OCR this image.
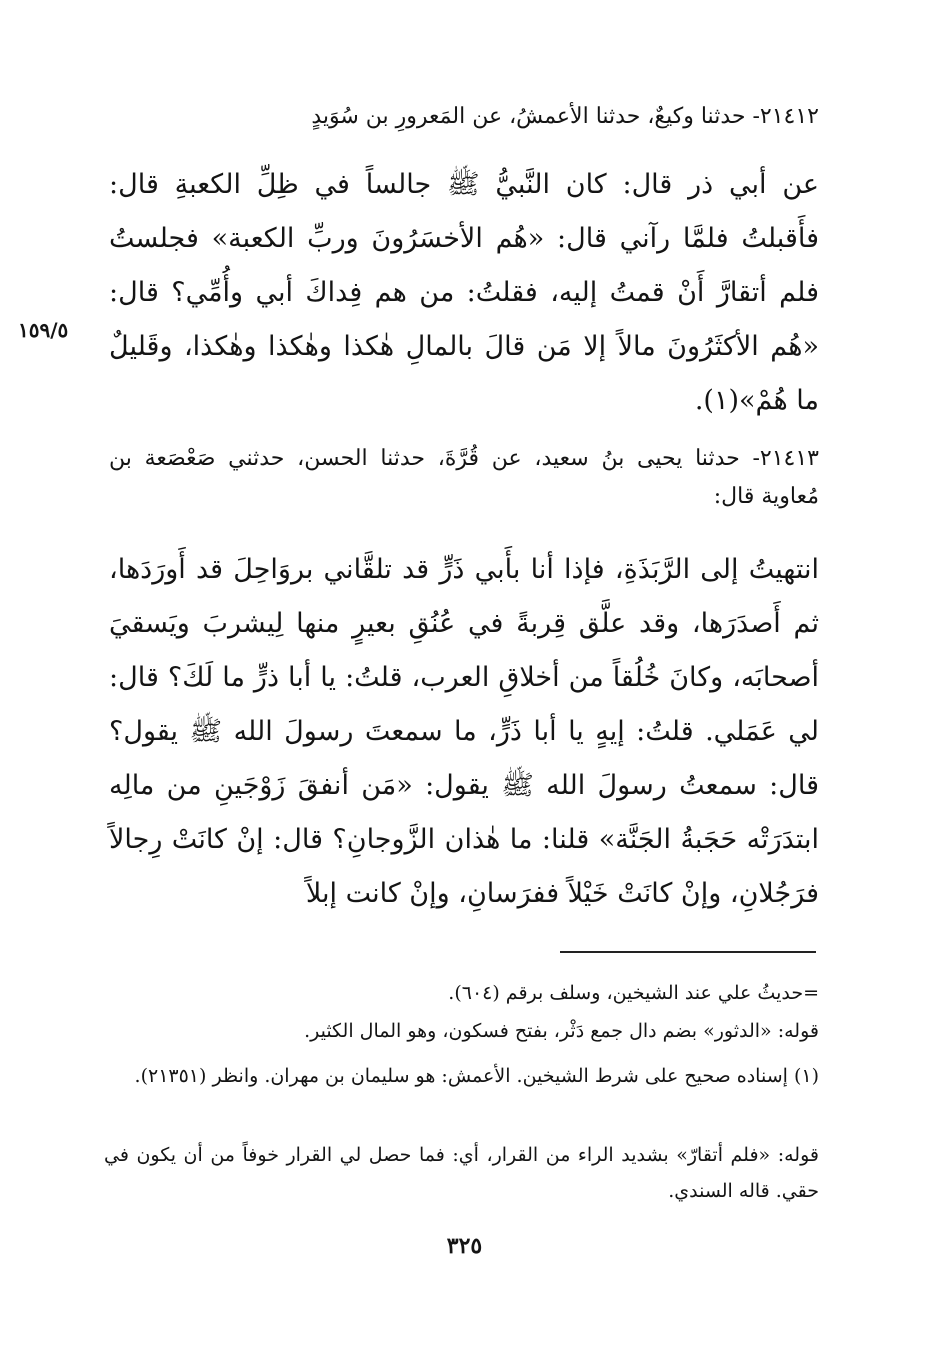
٢١٤١٢- حدثنا وكيعٌ، حدثنا الأعمشُ، عن المَعرورِ بن سُوَيدٍ

عن أبي ذر قال: كان النَّبيُّ ﷺ جالساً في ظِلِّ الكعبةِ قال: فأَقبلتُ فلمَّا رآني قال: «هُم الأخسَرُونَ وربِّ الكعبة» فجلستُ فلم أتقارَّ أَنْ قمتُ إليه، فقلتُ: من هم فِداكَ أبي وأُمِّي؟ قال: «هُم الأكثَرُونَ مالاً إلا مَن قالَ بالمالِ هٰكذا وهٰكذا وهٰكذا، وقَليلٌ ما هُمْ»(١).

١٥٩/٥

٢١٤١٣- حدثنا يحيى بنُ سعيد، عن قُرَّةَ، حدثنا الحسن، حدثني صَعْصَعة بن مُعاوية قال:

انتهيتُ إلى الرَّبَذَةِ، فإذا أنا بأَبي ذَرٍّ قد تلقَّاني بروَاحِلَ قد أَورَدَها، ثم أَصدَرَها، وقد علَّق قِربةً في عُنُقِ بعيرٍ منها لِيشربَ ويَسقيَ أصحابَه، وكانَ خُلُقاً من أخلاقِ العرب، قلتُ: يا أبا ذرٍّ ما لَكَ؟ قال: لي عَمَلي. قلتُ: إيهٍ يا أبا ذَرٍّ، ما سمعتَ رسولَ الله ﷺ يقول؟ قال: سمعتُ رسولَ الله ﷺ يقول: «مَن أنفقَ زَوْجَينِ من مالِه ابتدَرَتْه حَجَبةُ الجَنَّة» قلنا: ما هٰذان الزَّوجانِ؟ قال: إنْ كانَتْ رِجالاً فرَجُلانِ، وإنْ كانَتْ خَيْلاً ففرَسانِ، وإنْ كانت إبلاً

=حديثُ علي عند الشيخين، وسلف برقم (٦٠٤).

قوله: «الدثور» بضم دال جمع دَثْر، بفتح فسكون، وهو المال الكثير.

(١) إسناده صحيح على شرط الشيخين. الأعمش: هو سليمان بن مهران. وانظر (٢١٣٥١).

قوله: «فلم أتقارّ» بشديد الراء من القرار، أي: فما حصل لي القرار خوفاً من أن يكون في حقي. قاله السندي.

٣٢٥
